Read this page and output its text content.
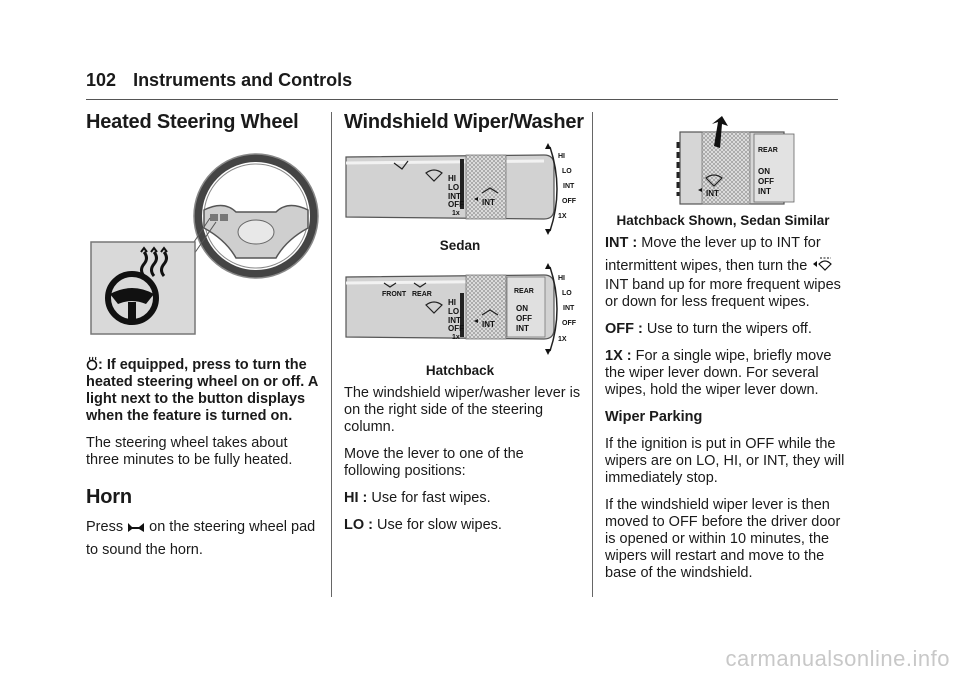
102 Instruments and Controls
Heated Steering Wheel

: If equipped, press to turn the heated steering wheel on or off. A light next to the button displays when the feature is turned on.

The steering wheel takes about three minutes to be fully heated.

Horn

Press on the steering wheel pad

to sound the horn.

Windshield Wiper/Washer
HI
LO
INT
OFF
1x
INT
HI
LO
INT
OFF
1X
Sedan
FRONT REAR
HI
LO
INT
OFF
1x
INT
REAR
ON
OFF
INT
HI
LO
INT
OFF
1X
Hatchback

The windshield wiper/washer lever is on the right side of the steering column.

Move the lever to one of the following positions:

HI : Use for fast wipes.

LO : Use for slow wipes.

INT
REAR
ON
OFF
INT
Hatchback Shown, Sedan Similar

INT : Move the lever up to INT for

intermittent wipes, then turn the

INT band up for more frequent wipes or down for less frequent wipes.

OFF : Use to turn the wipers off.

1X : For a single wipe, briefly move the wiper lever down. For several wipes, hold the wiper lever down.

Wiper Parking

If the ignition is put in OFF while the wipers are on LO, HI, or INT, they will immediately stop.

If the windshield wiper lever is then moved to OFF before the driver door is opened or within 10 minutes, the wipers will restart and move to the base of the windshield.

carmanualsonline.info
